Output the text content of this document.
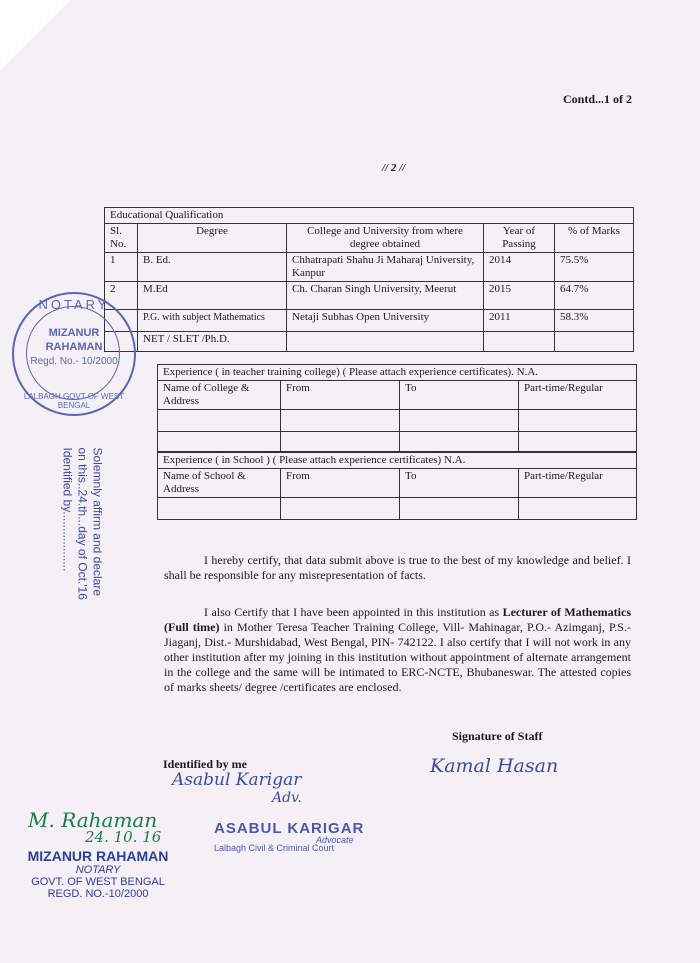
Contd...1 of 2
// 2 //
Educational Qualification				
Sl. No.	Degree	College and University from where degree obtained	Year of Passing	% of Marks
1	B. Ed.	Chhatrapati Shahu Ji Maharaj University, Kanpur	2014	75.5%
2	M.Ed	Ch. Charan Singh University, Meerut	2015	64.7%
	P.G. with subject Mathematics	Netaji Subhas Open University	2011	58.3%
	NET / SLET /Ph.D.			
Experience ( in teacher training college) ( Please attach experience certificates). N.A.			
Name of College & Address	From	To	Part-time/Regular

Experience ( in School ) ( Please attach experience certificates) N.A.			
Name of School & Address	From	To	Part-time/Regular

I hereby certify, that data submit above is true to the best of my knowledge and belief. I shall be responsible for any misrepresentation of facts.
I also Certify that I have been appointed in this institution as Lecturer of Mathematics (Full time) in Mother Teresa Teacher Training College, Vill- Mahinagar, P.O.- Azimganj, P.S.- Jiaganj, Dist.- Murshidabad, West Bengal, PIN- 742122. I also certify that I will not work in any other institution after my joining in this institution without appointment of alternate arrangement in the college and the same will be intimated to ERC-NCTE, Bhubaneswar. The attested copies of marks sheets/ degree /certificates are enclosed.
Signature of Staff
Kamal Hasan
Identified by me
Asabul Karigar
Adv.
NOTARY
MIZANUR RAHAMAN
Regd. No.- 10/2000
LALBAGH GOVT OF WEST BENGAL
Solemnly affirm and declare
on this..24.th...day of Oct.'16
Identified by..................
M. Rahaman
24. 10. 16
MIZANUR RAHAMAN
NOTARY
GOVT. OF WEST BENGAL
REGD. NO.-10/2000
ASABUL KARIGAR
Advocate
Lalbagh Civil & Criminal Court
